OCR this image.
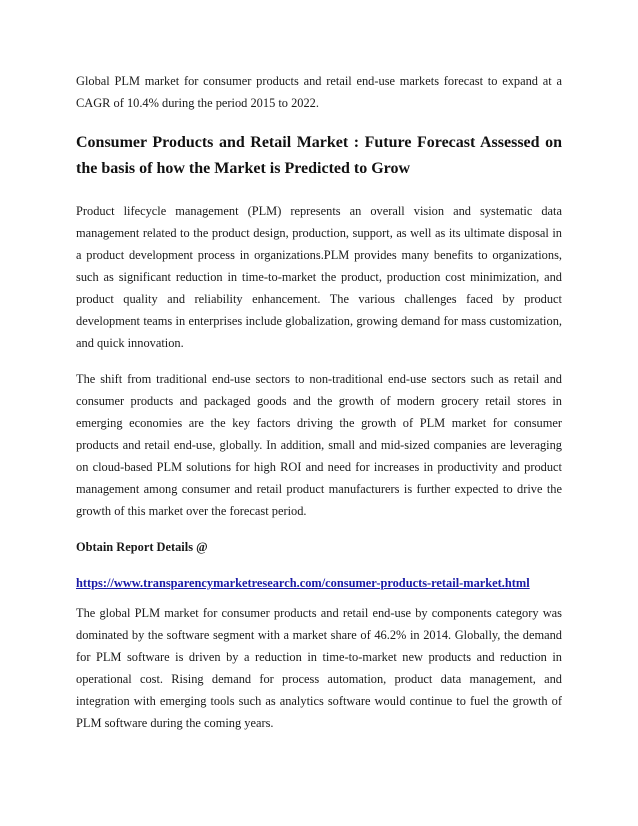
Global PLM market for consumer products and retail end-use markets forecast to expand at a CAGR of 10.4% during the period 2015 to 2022.

Consumer Products and Retail Market : Future Forecast Assessed on the basis of how the Market is Predicted to Grow

Product lifecycle management (PLM) represents an overall vision and systematic data management related to the product design, production, support, as well as its ultimate disposal in a product development process in organizations.PLM provides many benefits to organizations, such as significant reduction in time-to-market the product, production cost minimization, and product quality and reliability enhancement. The various challenges faced by product development teams in enterprises include globalization, growing demand for mass customization, and quick innovation.

The shift from traditional end-use sectors to non-traditional end-use sectors such as retail and consumer products and packaged goods and the growth of modern grocery retail stores in emerging economies are the key factors driving the growth of PLM market for consumer products and retail end-use, globally. In addition, small and mid-sized companies are leveraging on cloud-based PLM solutions for high ROI and need for increases in productivity and product management among consumer and retail product manufacturers is further expected to drive the growth of this market over the forecast period.

Obtain Report Details @

https://www.transparencymarketresearch.com/consumer-products-retail-market.html

The global PLM market for consumer products and retail end-use by components category was dominated by the software segment with a market share of 46.2% in 2014. Globally, the demand for PLM software is driven by a reduction in time-to-market new products and reduction in operational cost. Rising demand for process automation, product data management, and integration with emerging tools such as analytics software would continue to fuel the growth of PLM software during the coming years.
